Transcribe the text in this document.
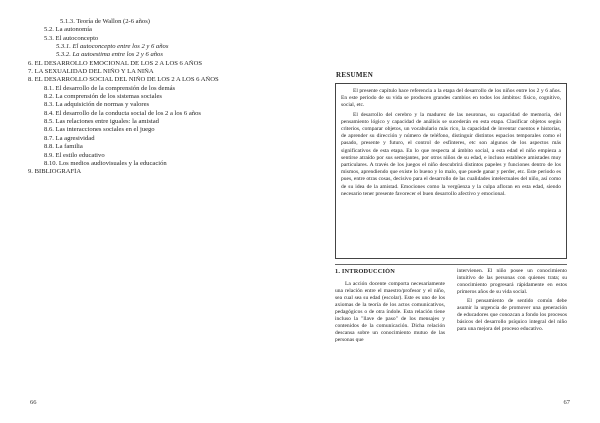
5.1.3. Teoría de Wallon (2-6 años)
5.2. La autonomía
5.3. El autoconcepto
5.3.1. El autoconcepto entre los 2 y 6 años
5.3.2. La autoestima entre los 2 y 6 años
6. EL DESARROLLO EMOCIONAL DE LOS 2 A LOS 6 AÑOS
7. LA SEXUALIDAD DEL NIÑO Y LA NIÑA
8. EL DESARROLLO SOCIAL DEL NIÑO DE LOS 2 A LOS 6 AÑOS
8.1. El desarrollo de la comprensión de los demás
8.2. La comprensión de los sistemas sociales
8.3. La adquisición de normas y valores
8.4. El desarrollo de la conducta social de los 2 a los 6 años
8.5. Las relaciones entre iguales: la amistad
8.6. Las interacciones sociales en el juego
8.7. La agresividad
8.8. La familia
8.9. El estilo educativo
8.10. Los medios audiovisuales y la educación
9. BIBLIOGRAFÍA
66
RESUMEN

El presente capítulo hace referencia a la etapa del desarrollo de los niños entre los 2 y 6 años. En este periodo de su vida se producen grandes cambios en todos los ámbitos: físico, cognitivo, social, etc.

El desarrollo del cerebro y la madurez de las neuronas, su capacidad de memoria, del pensamiento lógico y capacidad de análisis se sucederán en esta etapa. Clasificar objetos según criterios, comparar objetos, un vocabulario más rico, la capacidad de inventar cuentos e historias, de aprender su dirección y número de teléfono, distinguir distintos espacios temporales como el pasado, presente y futuro, el control de esfínteres, etc son algunos de los aspectos más significativos de esta etapa. En lo que respecta al ámbito social, a esta edad el niño empieza a sentirse atraído por sus semejantes, por otros niños de su edad, e incluso establece amistades muy particulares. A través de los juegos el niño descubrirá distintos papeles y funciones dentro de los mismos, aprendiendo que existe lo bueno y lo malo, que puede ganar y perder, etc. Este periodo es pues, entre otras cosas, decisivo para el desarrollo de las cualidades intelectuales del niño, así como de su idea de la amistad. Emociones como la vergüenza y la culpa afloran en esta edad, siendo necesario tener presente favorecer el buen desarrollo afectivo y emocional.

1. INTRODUCCIÓN

La acción docente comporta necesariamente una relación entre el maestro/profesor y el niño, sea cual sea su edad (escolar). Este es uno de los axiomas de la teoría de los actos comunicativos, pedagógicos o de otra índole. Esta relación tiene incluso la "llave de paso" de los mensajes y contenidos de la comunicación. Dicha relación descansa sobre un conocimiento mutuo de las personas que

intervienen. El niño posee un conocimiento intuitivo de las personas con quienes trata; su conocimiento progresará rápidamente en estos primeros años de su vida social.

El pensamiento de sentido común debe asumir la urgencia de promover una generación de educadores que conozcan a fondo los procesos básicos del desarrollo psíquico integral del niño para una mejora del proceso educativo.

67
